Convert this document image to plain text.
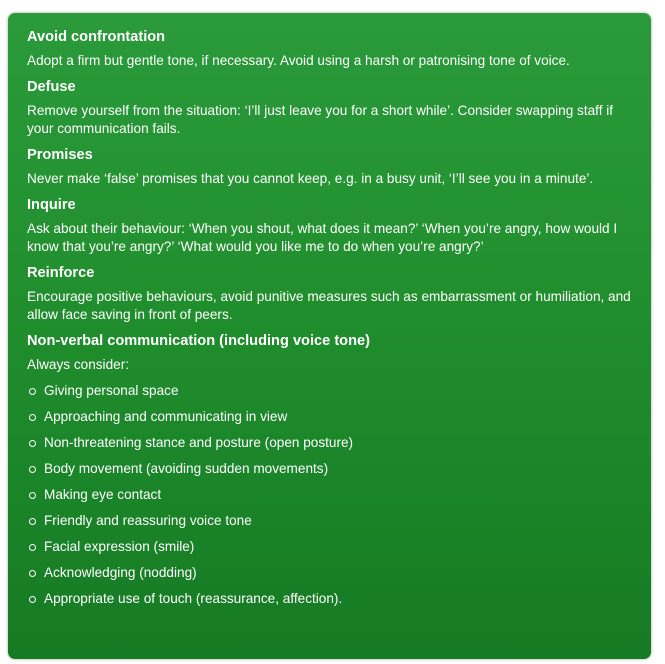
Avoid confrontation
Adopt a firm but gentle tone, if necessary. Avoid using a harsh or patronising tone of voice.
Defuse
Remove yourself from the situation: ‘I’ll just leave you for a short while’. Consider swapping staff if your communication fails.
Promises
Never make ‘false’ promises that you cannot keep, e.g. in a busy unit, ‘I’ll see you in a minute’.
Inquire
Ask about their behaviour: ‘When you shout, what does it mean?’ ‘When you’re angry, how would I know that you’re angry?’ ‘What would you like me to do when you’re angry?’
Reinforce
Encourage positive behaviours, avoid punitive measures such as embarrassment or humiliation, and allow face saving in front of peers.
Non-verbal communication (including voice tone)
Always consider:
Giving personal space
Approaching and communicating in view
Non-threatening stance and posture (open posture)
Body movement (avoiding sudden movements)
Making eye contact
Friendly and reassuring voice tone
Facial expression (smile)
Acknowledging (nodding)
Appropriate use of touch (reassurance, affection).
